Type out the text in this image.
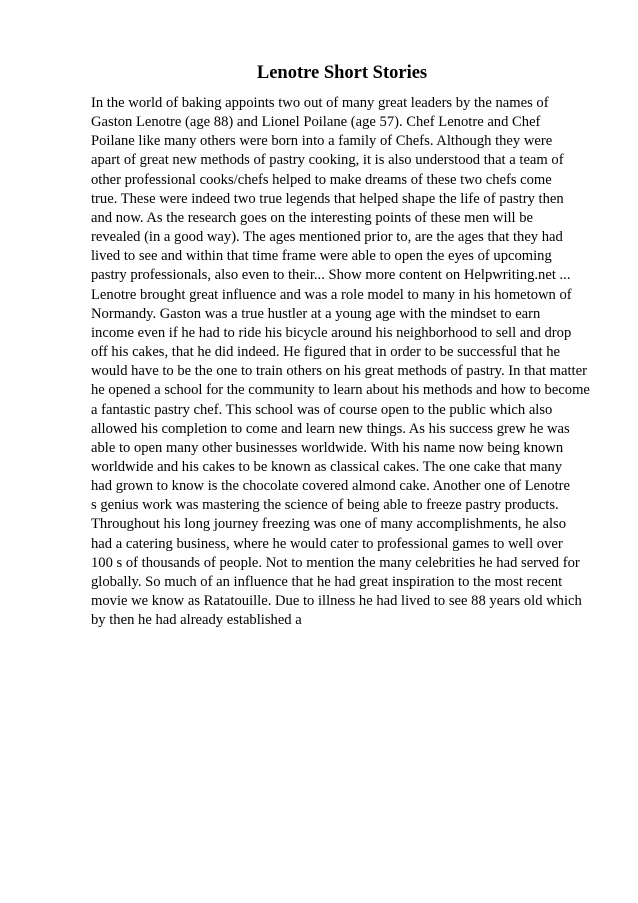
Lenotre Short Stories
In the world of baking appoints two out of many great leaders by the names of
Gaston Lenotre (age 88) and Lionel Poilane (age 57). Chef Lenotre and Chef
Poilane like many others were born into a family of Chefs. Although they were
apart of great new methods of pastry cooking, it is also understood that a team of
other professional cooks/chefs helped to make dreams of these two chefs come
true. These were indeed two true legends that helped shape the life of pastry then
and now. As the research goes on the interesting points of these men will be
revealed (in a good way). The ages mentioned prior to, are the ages that they had
lived to see and within that time frame were able to open the eyes of upcoming
pastry professionals, also even to their... Show more content on Helpwriting.net ...
Lenotre brought great influence and was a role model to many in his hometown of
Normandy. Gaston was a true hustler at a young age with the mindset to earn
income even if he had to ride his bicycle around his neighborhood to sell and drop
off his cakes, that he did indeed. He figured that in order to be successful that he
would have to be the one to train others on his great methods of pastry. In that matter
he opened a school for the community to learn about his methods and how to become
a fantastic pastry chef. This school was of course open to the public which also
allowed his completion to come and learn new things. As his success grew he was
able to open many other businesses worldwide. With his name now being known
worldwide and his cakes to be known as classical cakes. The one cake that many
had grown to know is the chocolate covered almond cake. Another one of Lenotre
s genius work was mastering the science of being able to freeze pastry products.
Throughout his long journey freezing was one of many accomplishments, he also
had a catering business, where he would cater to professional games to well over
100 s of thousands of people. Not to mention the many celebrities he had served for
globally. So much of an influence that he had great inspiration to the most recent
movie we know as Ratatouille. Due to illness he had lived to see 88 years old which
by then he had already established a
